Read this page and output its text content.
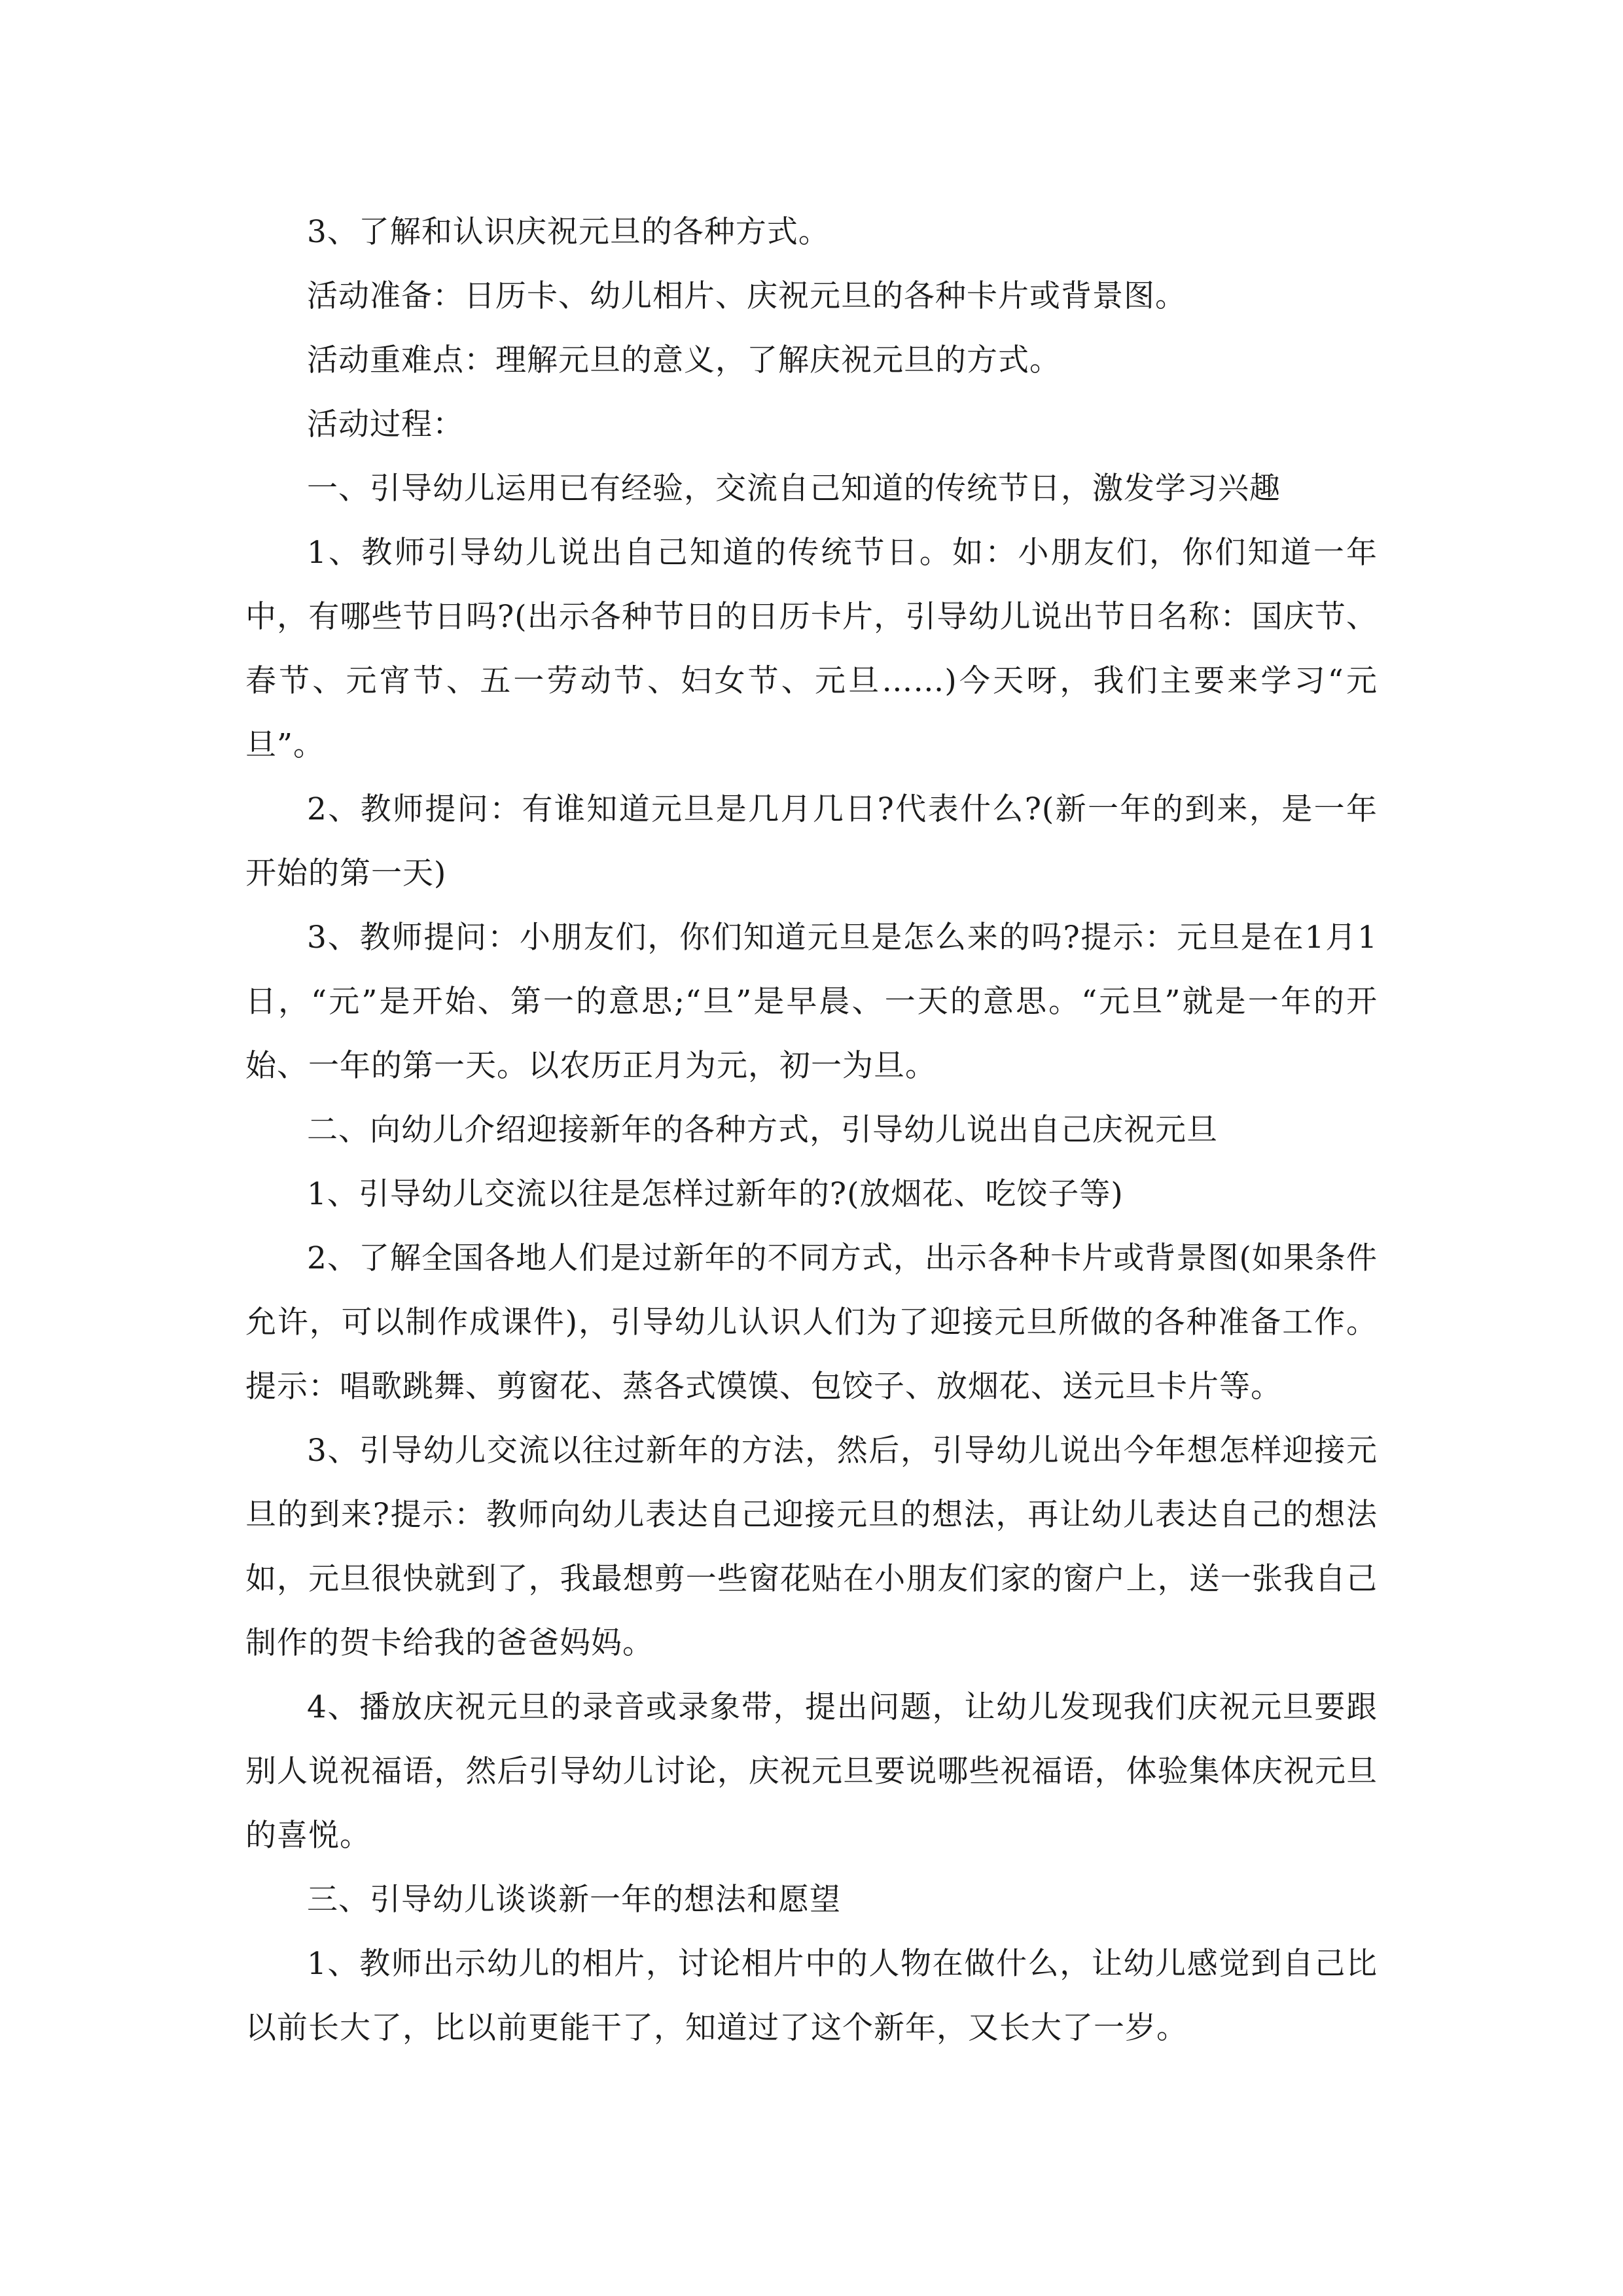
3、了解和认识庆祝元旦的各种方式。

活动准备：日历卡、幼儿相片、庆祝元旦的各种卡片或背景图。

活动重难点：理解元旦的意义，了解庆祝元旦的方式。

活动过程：

一、引导幼儿运用已有经验，交流自己知道的传统节日，激发学习兴趣

1、教师引导幼儿说出自己知道的传统节日。如：小朋友们，你们知道一年中，有哪些节日吗?(出示各种节日的日历卡片，引导幼儿说出节日名称：国庆节、春节、元宵节、五一劳动节、妇女节、元旦……)今天呀，我们主要来学习“元旦”。

2、教师提问：有谁知道元旦是几月几日?代表什么?(新一年的到来，是一年开始的第一天)

3、教师提问：小朋友们，你们知道元旦是怎么来的吗?提示：元旦是在1月1日，“元”是开始、第一的意思;“旦”是早晨、一天的意思。“元旦”就是一年的开始、一年的第一天。以农历正月为元，初一为旦。

二、向幼儿介绍迎接新年的各种方式，引导幼儿说出自己庆祝元旦

1、引导幼儿交流以往是怎样过新年的?(放烟花、吃饺子等)

2、了解全国各地人们是过新年的不同方式，出示各种卡片或背景图(如果条件允许，可以制作成课件)，引导幼儿认识人们为了迎接元旦所做的各种准备工作。提示：唱歌跳舞、剪窗花、蒸各式馍馍、包饺子、放烟花、送元旦卡片等。

3、引导幼儿交流以往过新年的方法，然后，引导幼儿说出今年想怎样迎接元旦的到来?提示：教师向幼儿表达自己迎接元旦的想法，再让幼儿表达自己的想法如，元旦很快就到了，我最想剪一些窗花贴在小朋友们家的窗户上，送一张我自己制作的贺卡给我的爸爸妈妈。

4、播放庆祝元旦的录音或录象带，提出问题，让幼儿发现我们庆祝元旦要跟别人说祝福语，然后引导幼儿讨论，庆祝元旦要说哪些祝福语，体验集体庆祝元旦的喜悦。

三、引导幼儿谈谈新一年的想法和愿望

1、教师出示幼儿的相片，讨论相片中的人物在做什么，让幼儿感觉到自己比以前长大了，比以前更能干了，知道过了这个新年，又长大了一岁。
